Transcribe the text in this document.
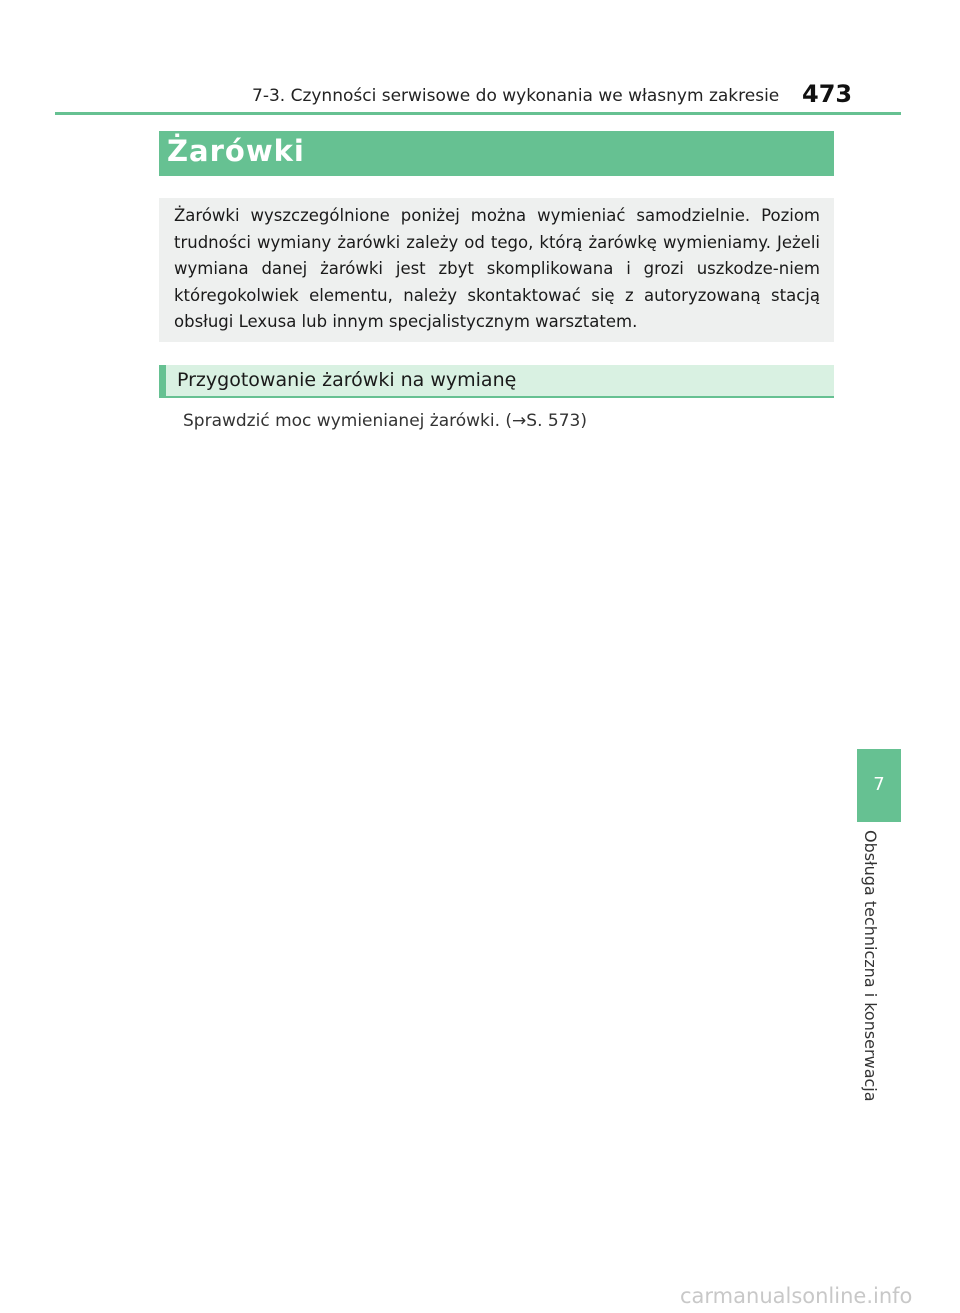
7-3. Czynności serwisowe do wykonania we własnym zakresie 473
Żarówki

Żarówki wyszczególnione poniżej można wymieniać samodzielnie. Poziom trudności wymiany żarówki zależy od tego, którą żarówkę wymieniamy. Jeżeli wymiana danej żarówki jest zbyt skomplikowana i grozi uszkodze-niem któregokolwiek elementu, należy skontaktować się z autoryzowaną stacją obsługi Lexusa lub innym specjalistycznym warsztatem.

Przygotowanie żarówki na wymianę
Sprawdzić moc wymienianej żarówki. (→S. 573)
7
Obsługa techniczna i konserwacja
carmanualsonline.info
